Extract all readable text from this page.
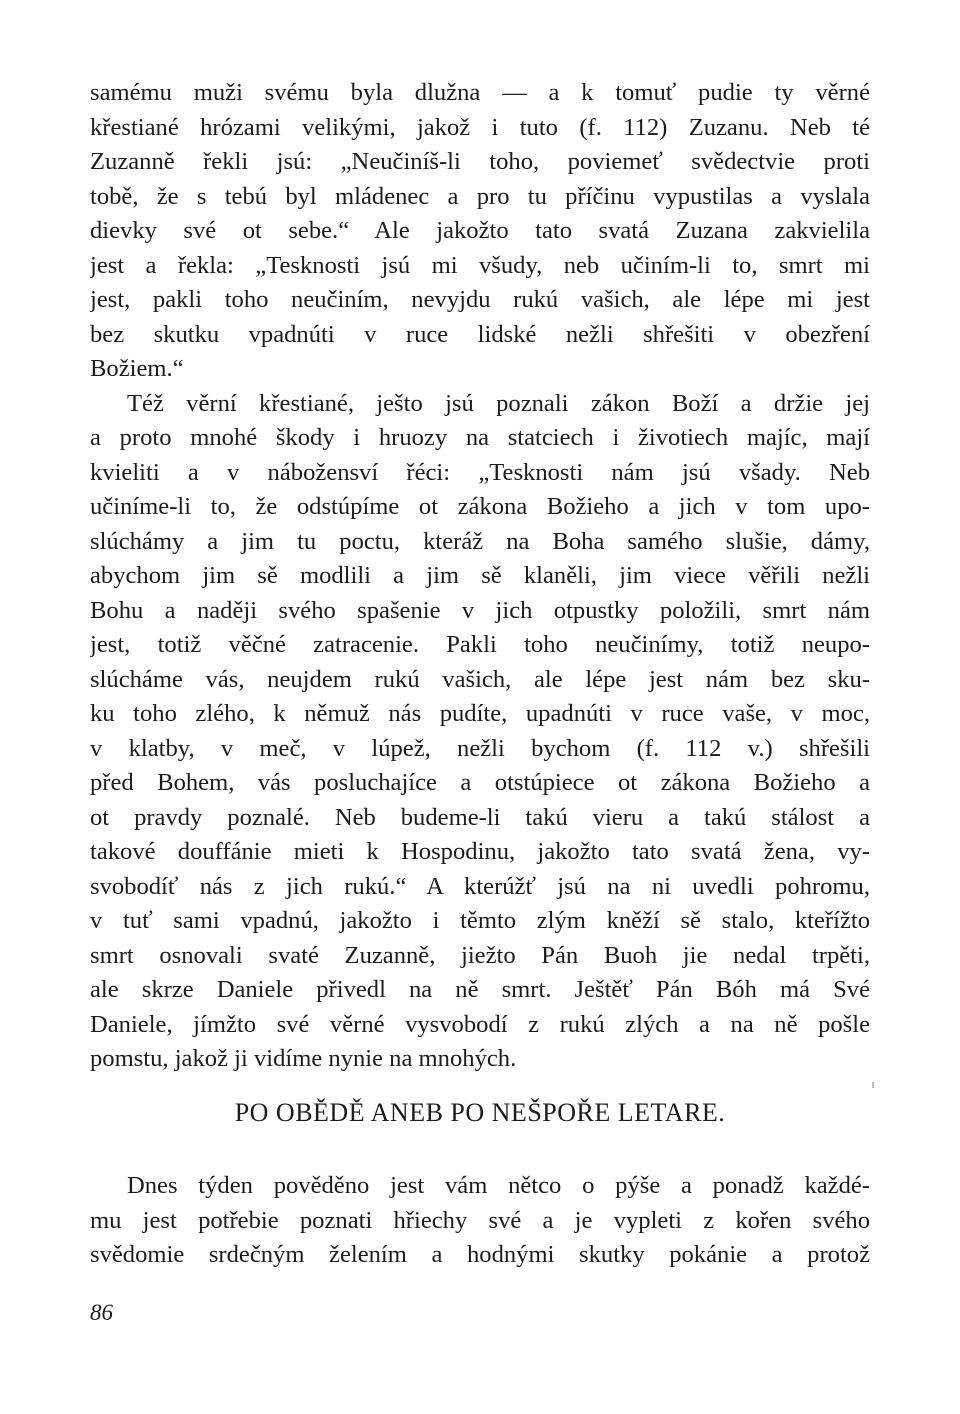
samému muži svému byla dlužna — a k tomuť pudie ty věrné
křestiané hrózami velikými, jakož i tuto (f. 112) Zuzanu. Neb té
Zuzanně řekli jsú: „Neučiníš-li toho, poviemeť svědectvie proti
tobě, že s tebú byl mládenec a pro tu příčinu vypustilas a vyslala
dievky své ot sebe.“ Ale jakožto tato svatá Zuzana zakvielila
jest a řekla: „Tesknosti jsú mi všudy, neb učiním-li to, smrt mi
jest, pakli toho neučiním, nevyjdu rukú vašich, ale lépe mi jest
bez skutku vpadnúti v ruce lidské nežli shřešiti v obezření
Božiem.“
Též věrní křestiané, ješto jsú poznali zákon Boží a držie jej
a proto mnohé škody i hruozy na statciech i životiech majíc, mají
kvieliti a v nábožensví řéci: „Tesknosti nám jsú všady. Neb
učiníme-li to, že odstúpíme ot zákona Božieho a jich v tom upo-
slúchámy a jim tu poctu, kteráž na Boha samého slušie, dámy,
abychom jim sě modlili a jim sě klaněli, jim viece věřili nežli
Bohu a naději svého spašenie v jich otpustky položili, smrt nám
jest, totiž věčné zatracenie. Pakli toho neučinímy, totiž neupo-
slúcháme vás, neujdem rukú vašich, ale lépe jest nám bez sku-
ku toho zlého, k němuž nás pudíte, upadnúti v ruce vaše, v moc,
v klatby, v meč, v lúpež, nežli bychom (f. 112 v.) shřešili
před Bohem, vás posluchajíce a otstúpiece ot zákona Božieho a
ot pravdy poznalé. Neb budeme-li takú vieru a takú stálost a
takové douffánie mieti k Hospodinu, jakožto tato svatá žena, vy-
svobodíť nás z jich rukú.“ A kterúžť jsú na ni uvedli pohromu,
v tuť sami vpadnú, jakožto i těmto zlým kněží sě stalo, kteřížto
smrt osnovali svaté Zuzanně, jiežto Pán Buoh jie nedal trpěti,
ale skrze Daniele přivedl na ně smrt. Ještěť Pán Bóh má Své
Daniele, jímžto své věrné vysvobodí z rukú zlých a na ně pošle
pomstu, jakož ji vidíme nynie na mnohých.
PO OBĚDĚ ANEB PO NEŠPOŘE LETARE.
Dnes týden pověděno jest vám nětco o pýše a ponadž každé-
mu jest potřebie poznati hřiechy své a je vypleti z kořen svého
svědomie srdečným želením a hodnými skutky pokánie a protož
86
